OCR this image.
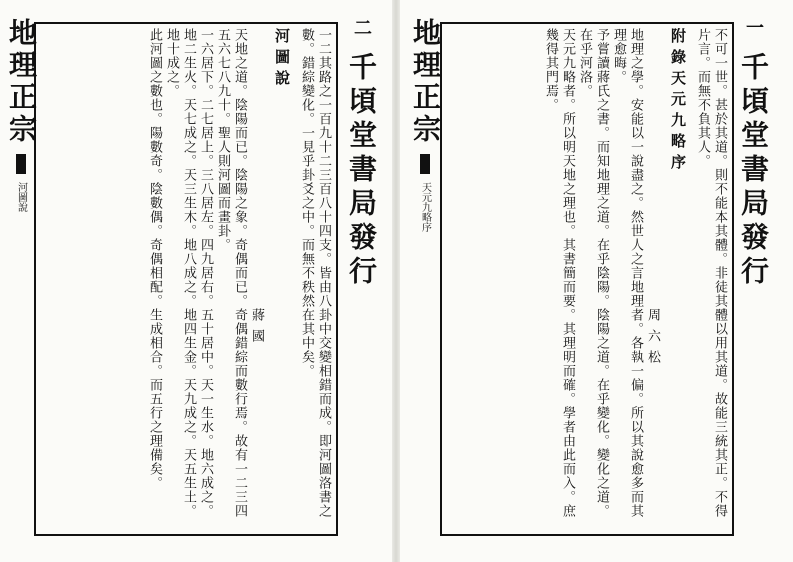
地理正宗
河圖說	一二其路之一百九十二三百八十四支。皆由八卦中交變相錯而成。即河圖洛書之數。錯綜變化。一見乎卦爻之中。而無不秩然在其中矣。

河圖說

蔣國

天地之道。陰陽而已。陰陽之象。奇偶而已。奇偶錯綜而數行焉。故有一二三四五六七八九十。聖人則河圖而畫卦。

一六居下。二七居上。三八居左。四九居右。五十居中。天一生水。地六成之。地二生火。天七成之。天三生木。地八成之。地四生金。天九成之。天五生土。地十成之。

此河圖之數也。陽數奇。陰數偶。奇偶相配。生成相合。而五行之理備矣。

二
千頃堂書局發行 地理正宗
天元九略序	不可一世。甚於其道。則不能本其體。非徒其體以用其道。故能三統其正。不得片言。而無不負其人。

附錄天元九略序

周六松

地理之學。安能以一說盡之。然世人之言地理者。各執一偏。所以其說愈多而其理愈晦。

予嘗讀蔣氏之書。而知地理之道。在乎陰陽。陰陽之道。在乎變化。變化之道。在乎河洛。

天元九略者。所以明天地之理也。其書簡而要。其理明而確。學者由此而入。庶幾得其門焉。

一
千頃堂書局發行
